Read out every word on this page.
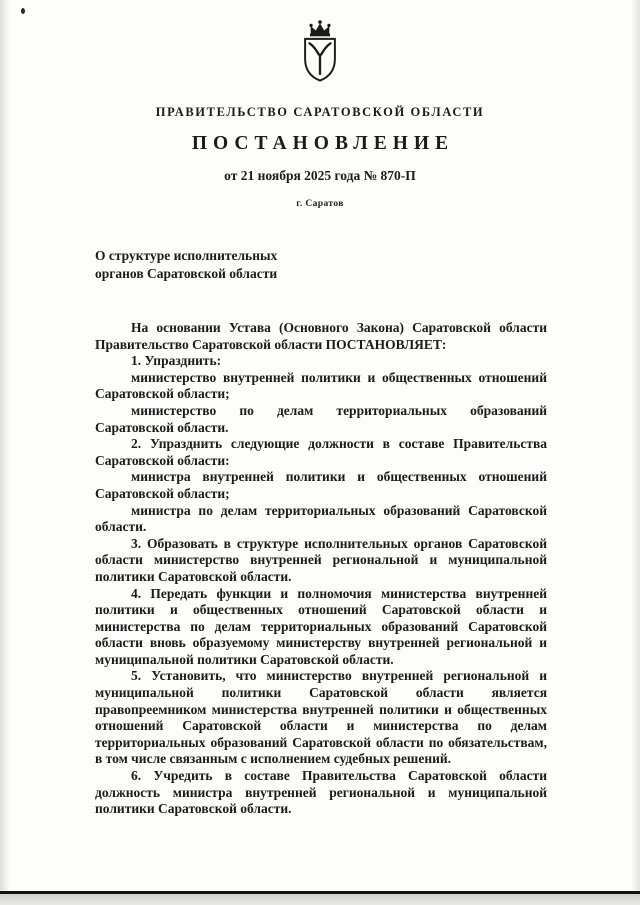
ПРАВИТЕЛЬСТВО САРАТОВСКОЙ ОБЛАСТИ
ПОСТАНОВЛЕНИЕ
от 21 ноября 2025 года № 870-П
г. Саратов
О структуре исполнительных
органов Саратовской области

На основании Устава (Основного Закона) Саратовской области Правительство Саратовской области ПОСТАНОВЛЯЕТ:

1. Упразднить:

министерство внутренней политики и общественных отношений Саратовской области;

министерство по делам территориальных образований Саратовской области.

2. Упразднить следующие должности в составе Правительства Саратовской области:

министра внутренней политики и общественных отношений Саратовской области;

министра по делам территориальных образований Саратовской области.

3. Образовать в структуре исполнительных органов Саратовской области министерство внутренней региональной и муниципальной политики Саратовской области.

4. Передать функции и полномочия министерства внутренней политики и общественных отношений Саратовской области и министерства по делам территориальных образований Саратовской области вновь образуемому министерству внутренней региональной и муниципальной политики Саратовской области.

5. Установить, что министерство внутренней региональной и муниципальной политики Саратовской области является правопреемником министерства внутренней политики и общественных отношений Саратовской области и министерства по делам территориальных образований Саратовской области по обязательствам, в том числе связанным с исполнением судебных решений.

6. Учредить в составе Правительства Саратовской области должность министра внутренней региональной и муниципальной политики Саратовской области.
